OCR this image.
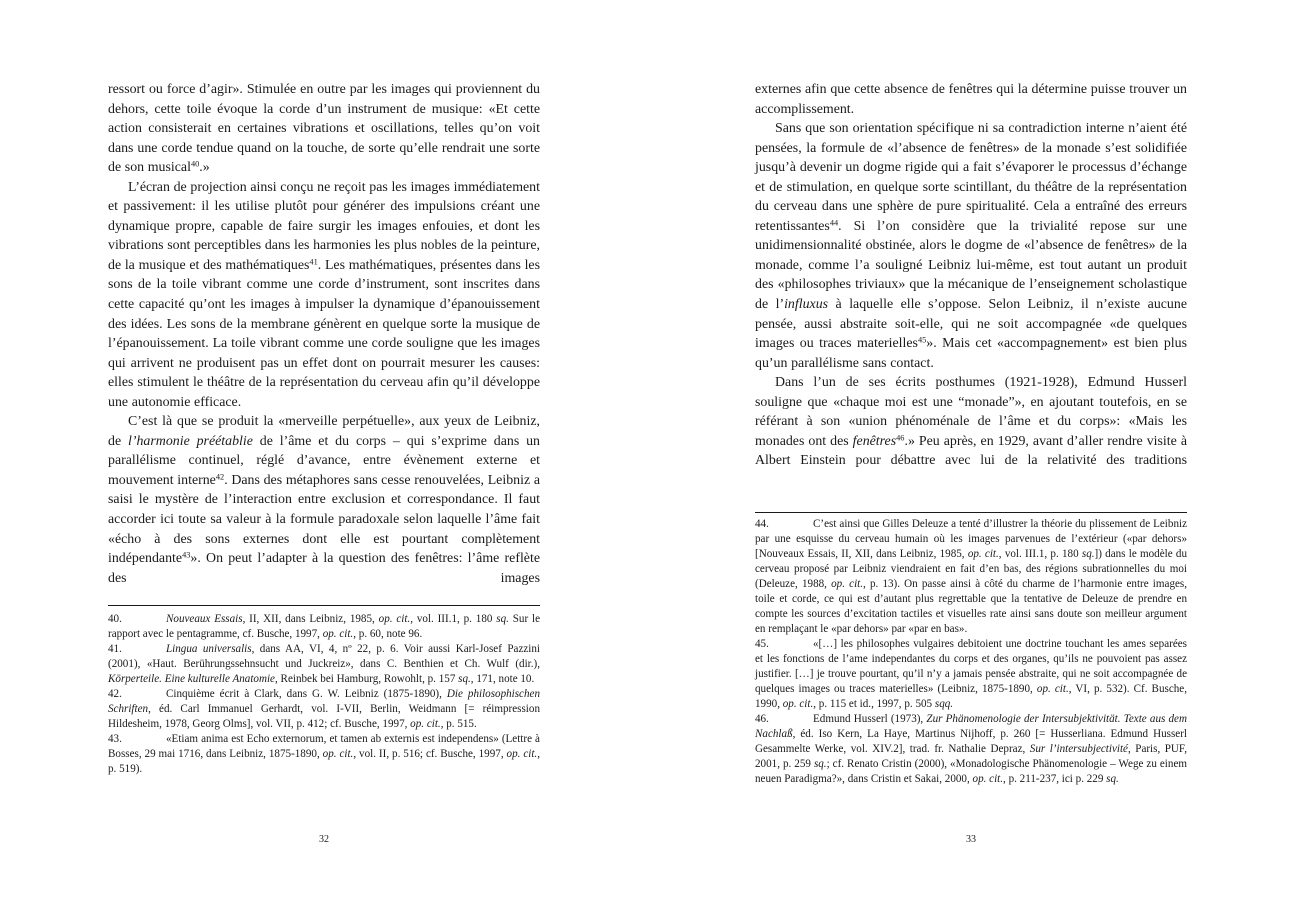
ressort ou force d’agir». Stimulée en outre par les images qui proviennent du dehors, cette toile évoque la corde d’un instrument de musique: «Et cette action consisterait en certaines vibrations et oscillations, telles qu’on voit dans une corde tendue quand on la touche, de sorte qu’elle rendrait une sorte de son musical$^{40}$.»

L’écran de projection ainsi conçu ne reçoit pas les images immédiatement et passivement: il les utilise plutôt pour générer des impulsions créant une dynamique propre, capable de faire surgir les images enfouies, et dont les vibrations sont perceptibles dans les harmonies les plus nobles de la peinture, de la musique et des mathématiques$^{41}$. Les mathématiques, présentes dans les sons de la toile vibrant comme une corde d’instrument, sont inscrites dans cette capacité qu’ont les images à impulser la dynamique d’épanouissement des idées. Les sons de la membrane génèrent en quelque sorte la musique de l’épanouissement. La toile vibrant comme une corde souligne que les images qui arrivent ne produisent pas un effet dont on pourrait mesurer les causes: elles stimulent le théâtre de la représentation du cerveau afin qu’il développe une autonomie efficace.

C’est là que se produit la «merveille perpétuelle», aux yeux de Leibniz, de l’harmonie préétablie de l’âme et du corps – qui s’exprime dans un parallélisme continuel, réglé d’avance, entre évènement externe et mouvement interne$^{42}$. Dans des métaphores sans cesse renouvelées, Leibniz a saisi le mystère de l’interaction entre exclusion et correspondance. Il faut accorder ici toute sa valeur à la formule paradoxale selon laquelle l’âme fait «écho à des sons externes dont elle est pourtant complètement indépendante$^{43}$». On peut l’adapter à la question des fenêtres: l’âme reflète des images

40.	Nouveaux Essais, II, XII, dans Leibniz, 1985, op. cit., vol. III.1, p. 180 sq. Sur le rapport avec le pentagramme, cf. Busche, 1997, op. cit., p. 60, note 96.

41.	Lingua universalis, dans AA, VI, 4, nº 22, p. 6. Voir aussi Karl-Josef Pazzini (2001), «Haut. Berührungssehnsucht und Juckreiz», dans C. Benthien et Ch. Wulf (dir.), Körperteile. Eine kulturelle Anatomie, Reinbek bei Hamburg, Rowohlt, p. 157 sq., 171, note 10.

42.	Cinquième écrit à Clark, dans G. W. Leibniz (1875-1890), Die philosophischen Schriften, éd. Carl Immanuel Gerhardt, vol. I-VII, Berlin, Weidmann [= réimpression Hildesheim, 1978, Georg Olms], vol. VII, p. 412; cf. Busche, 1997, op. cit., p. 515.

43.	«Etiam anima est Echo externorum, et tamen ab externis est independens» (Lettre à Bosses, 29 mai 1716, dans Leibniz, 1875-1890, op. cit., vol. II, p. 516; cf. Busche, 1997, op. cit., p. 519).

32

externes afin que cette absence de fenêtres qui la détermine puisse trouver un accomplissement.

Sans que son orientation spécifique ni sa contradiction interne n’aient été pensées, la formule de «l’absence de fenêtres» de la monade s’est solidifiée jusqu’à devenir un dogme rigide qui a fait s’évaporer le processus d’échange et de stimulation, en quelque sorte scintillant, du théâtre de la représentation du cerveau dans une sphère de pure spiritualité. Cela a entraîné des erreurs retentissantes$^{44}$. Si l’on considère que la trivialité repose sur une unidimensionnalité obstinée, alors le dogme de «l’absence de fenêtres» de la monade, comme l’a souligné Leibniz lui-même, est tout autant un produit des «philosophes triviaux» que la mécanique de l’enseignement scholastique de l’influxus à laquelle elle s’oppose. Selon Leibniz, il n’existe aucune pensée, aussi abstraite soit-elle, qui ne soit accompagnée «de quelques images ou traces materielles$^{45}$». Mais cet «accompagnement» est bien plus qu’un parallélisme sans contact.

Dans l’un de ses écrits posthumes (1921-1928), Edmund Husserl souligne que «chaque moi est une “monade”», en ajoutant toutefois, en se référant à son «union phénoménale de l’âme et du corps»: «Mais les monades ont des fenêtres$^{46}$.» Peu après, en 1929, avant d’aller rendre visite à Albert Einstein pour débattre avec lui de la relativité des traditions

44.	C’est ainsi que Gilles Deleuze a tenté d’illustrer la théorie du plissement de Leibniz par une esquisse du cerveau humain où les images parvenues de l’extérieur («par dehors» [Nouveaux Essais, II, XII, dans Leibniz, 1985, op. cit., vol. III.1, p. 180 sq.]) dans le modèle du cerveau proposé par Leibniz viendraient en fait d’en bas, des régions subrationnelles du moi (Deleuze, 1988, op. cit., p. 13). On passe ainsi à côté du charme de l’harmonie entre images, toile et corde, ce qui est d’autant plus regrettable que la tentative de Deleuze de prendre en compte les sources d’excitation tactiles et visuelles rate ainsi sans doute son meilleur argument en remplaçant le «par dehors» par «par en bas».

45.	«[…] les philosophes vulgaires debitoient une doctrine touchant les ames separées et les fonctions de l’ame independantes du corps et des organes, qu’ils ne pouvoient pas assez justifier. […] je trouve pourtant, qu’il n’y a jamais pensée abstraite, qui ne soit accompagnée de quelques images ou traces materielles» (Leibniz, 1875-1890, op. cit., VI, p. 532). Cf. Busche, 1990, op. cit., p. 115 et id., 1997, p. 505 sqq.

46.	Edmund Husserl (1973), Zur Phänomenologie der Intersubjektivität. Texte aus dem Nachlaß, éd. Iso Kern, La Haye, Martinus Nijhoff, p. 260 [= Husserliana. Edmund Husserl Gesammelte Werke, vol. XIV.2], trad. fr. Nathalie Depraz, Sur l’intersubjectivité, Paris, PUF, 2001, p. 259 sq.; cf. Renato Cristin (2000), «Monadologische Phänomenologie – Wege zu einem neuen Paradigma?», dans Cristin et Sakai, 2000, op. cit., p. 211-237, ici p. 229 sq.

33
